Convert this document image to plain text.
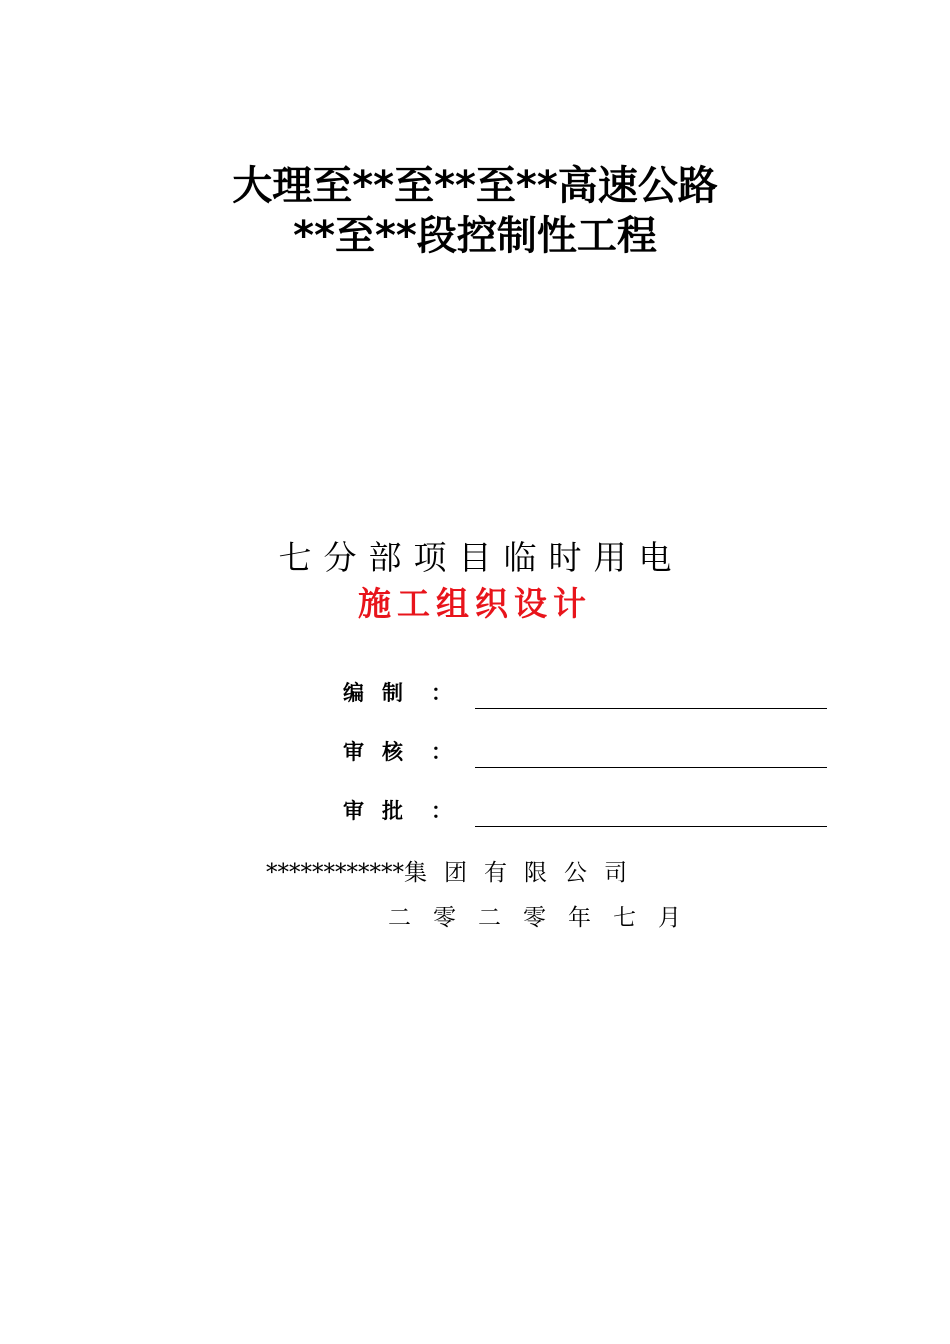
大理至**至**至**高速公路
**至**段控制性工程
七分部项目临时用电
施工组织设计
编制 ：
审核 ：
审批 ：
************集团有限公司
二零二零年七月
